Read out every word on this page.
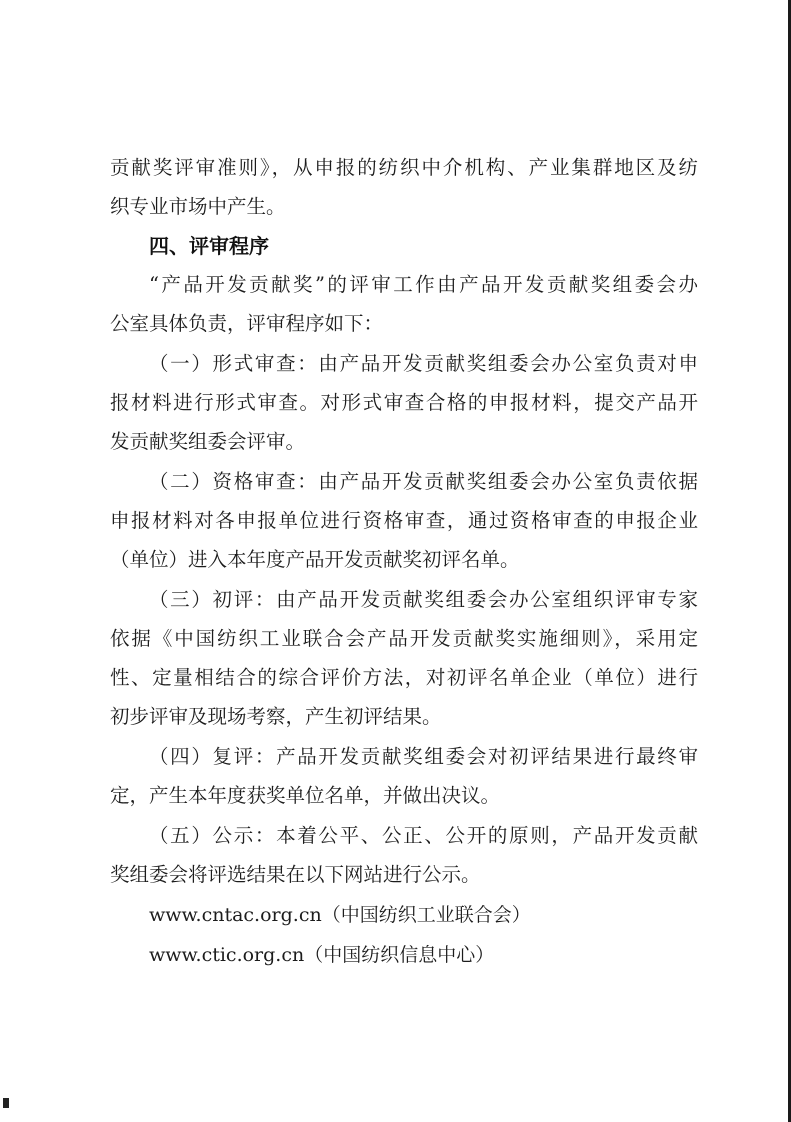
贡献奖评审准则》，从申报的纺织中介机构、产业集群地区及纺
织专业市场中产生。
四、评审程序
“产品开发贡献奖”的评审工作由产品开发贡献奖组委会办
公室具体负责，评审程序如下：
（一）形式审查：由产品开发贡献奖组委会办公室负责对申
报材料进行形式审查。对形式审查合格的申报材料，提交产品开
发贡献奖组委会评审。
（二）资格审查：由产品开发贡献奖组委会办公室负责依据
申报材料对各申报单位进行资格审查，通过资格审查的申报企业
（单位）进入本年度产品开发贡献奖初评名单。
（三）初评：由产品开发贡献奖组委会办公室组织评审专家
依据《中国纺织工业联合会产品开发贡献奖实施细则》，采用定
性、定量相结合的综合评价方法，对初评名单企业（单位）进行
初步评审及现场考察，产生初评结果。
（四）复评：产品开发贡献奖组委会对初评结果进行最终审
定，产生本年度获奖单位名单，并做出决议。
（五）公示：本着公平、公正、公开的原则，产品开发贡献
奖组委会将评选结果在以下网站进行公示。
www.cntac.org.cn（中国纺织工业联合会）
www.ctic.org.cn（中国纺织信息中心）
